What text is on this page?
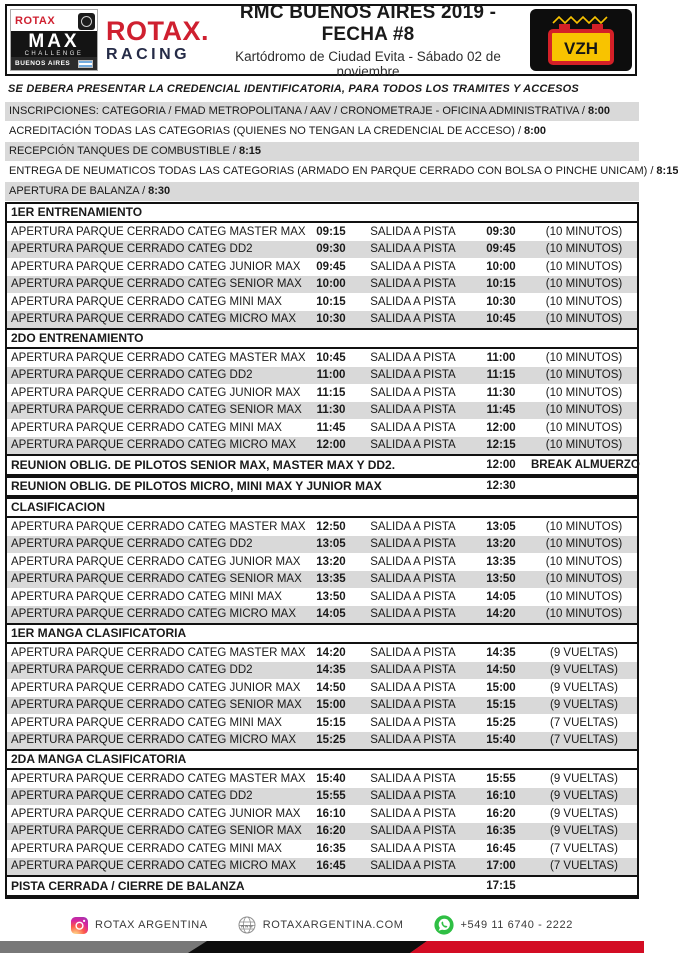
ROTAX
MAX
CHALLENGE
BUENOS AIRES
ROTAX.
RACING
RMC BUENOS AIRES 2019 - FECHA #8
Kartódromo de Ciudad Evita - Sábado 02 de noviembre
VZH
SE DEBERA PRESENTAR LA CREDENCIAL IDENTIFICATORIA, PARA TODOS LOS TRAMITES Y ACCESOS
INSCRIPCIONES: CATEGORIA / FMAD METROPOLITANA / AAV / CRONOMETRAJE - OFICINA ADMINISTRATIVA / 8:00
ACREDITACIÓN TODAS LAS CATEGORIAS (QUIENES NO TENGAN LA CREDENCIAL DE ACCESO) / 8:00
RECEPCIÓN TANQUES DE COMBUSTIBLE / 8:15
ENTREGA DE NEUMATICOS TODAS LAS CATEGORIAS (ARMADO EN PARQUE CERRADO CON BOLSA O PINCHE UNICAM) / 8:15
APERTURA DE BALANZA / 8:30
1ER ENTRENAMIENTO
APERTURA PARQUE CERRADO CATEG MASTER MAX 09:15	SALIDA A PISTA	09:30	(10 MINUTOS)
APERTURA PARQUE CERRADO CATEG DD2	09:30	SALIDA A PISTA	09:45	(10 MINUTOS)
APERTURA PARQUE CERRADO CATEG JUNIOR MAX	09:45	SALIDA A PISTA	10:00	(10 MINUTOS)
APERTURA PARQUE CERRADO CATEG SENIOR MAX	10:00	SALIDA A PISTA	10:15	(10 MINUTOS)
APERTURA PARQUE CERRADO CATEG MINI MAX	10:15	SALIDA A PISTA	10:30	(10 MINUTOS)
APERTURA PARQUE CERRADO CATEG MICRO MAX	10:30	SALIDA A PISTA	10:45	(10 MINUTOS)
2DO ENTRENAMIENTO
APERTURA PARQUE CERRADO CATEG MASTER MAX 10:45	SALIDA A PISTA	11:00	(10 MINUTOS)
APERTURA PARQUE CERRADO CATEG DD2	11:00	SALIDA A PISTA	11:15	(10 MINUTOS)
APERTURA PARQUE CERRADO CATEG JUNIOR MAX	11:15	SALIDA A PISTA	11:30	(10 MINUTOS)
APERTURA PARQUE CERRADO CATEG SENIOR MAX	11:30	SALIDA A PISTA	11:45	(10 MINUTOS)
APERTURA PARQUE CERRADO CATEG MINI MAX	11:45	SALIDA A PISTA	12:00	(10 MINUTOS)
APERTURA PARQUE CERRADO CATEG MICRO MAX	12:00	SALIDA A PISTA	12:15	(10 MINUTOS)
REUNION OBLIG. DE PILOTOS SENIOR MAX, MASTER MAX Y DD2.	12:00	BREAK ALMUERZO
REUNION OBLIG. DE PILOTOS MICRO, MINI MAX Y JUNIOR MAX	12:30
CLASIFICACION
APERTURA PARQUE CERRADO CATEG MASTER MAX 12:50	SALIDA A PISTA	13:05	(10 MINUTOS)
APERTURA PARQUE CERRADO CATEG DD2	13:05	SALIDA A PISTA	13:20	(10 MINUTOS)
APERTURA PARQUE CERRADO CATEG JUNIOR MAX	13:20	SALIDA A PISTA	13:35	(10 MINUTOS)
APERTURA PARQUE CERRADO CATEG SENIOR MAX	13:35	SALIDA A PISTA	13:50	(10 MINUTOS)
APERTURA PARQUE CERRADO CATEG MINI MAX	13:50	SALIDA A PISTA	14:05	(10 MINUTOS)
APERTURA PARQUE CERRADO CATEG MICRO MAX	14:05	SALIDA A PISTA	14:20	(10 MINUTOS)
1ER MANGA CLASIFICATORIA
APERTURA PARQUE CERRADO CATEG MASTER MAX 14:20	SALIDA A PISTA	14:35	(9 VUELTAS)
APERTURA PARQUE CERRADO CATEG DD2	14:35	SALIDA A PISTA	14:50	(9 VUELTAS)
APERTURA PARQUE CERRADO CATEG JUNIOR MAX	14:50	SALIDA A PISTA	15:00	(9 VUELTAS)
APERTURA PARQUE CERRADO CATEG SENIOR MAX	15:00	SALIDA A PISTA	15:15	(9 VUELTAS)
APERTURA PARQUE CERRADO CATEG MINI MAX	15:15	SALIDA A PISTA	15:25	(7 VUELTAS)
APERTURA PARQUE CERRADO CATEG MICRO MAX	15:25	SALIDA A PISTA	15:40	(7 VUELTAS)
2DA MANGA CLASIFICATORIA
APERTURA PARQUE CERRADO CATEG MASTER MAX 15:40	SALIDA A PISTA	15:55	(9 VUELTAS)
APERTURA PARQUE CERRADO CATEG DD2	15:55	SALIDA A PISTA	16:10	(9 VUELTAS)
APERTURA PARQUE CERRADO CATEG JUNIOR MAX	16:10	SALIDA A PISTA	16:20	(9 VUELTAS)
APERTURA PARQUE CERRADO CATEG SENIOR MAX	16:20	SALIDA A PISTA	16:35	(9 VUELTAS)
APERTURA PARQUE CERRADO CATEG MINI MAX	16:35	SALIDA A PISTA	16:45	(7 VUELTAS)
APERTURA PARQUE CERRADO CATEG MICRO MAX	16:45	SALIDA A PISTA	17:00	(7 VUELTAS)
PISTA CERRADA / CIERRE DE BALANZA	17:15
ROTAX ARGENTINA	www ROTAXARGENTINA.COM	+549 11 6740 - 2222
